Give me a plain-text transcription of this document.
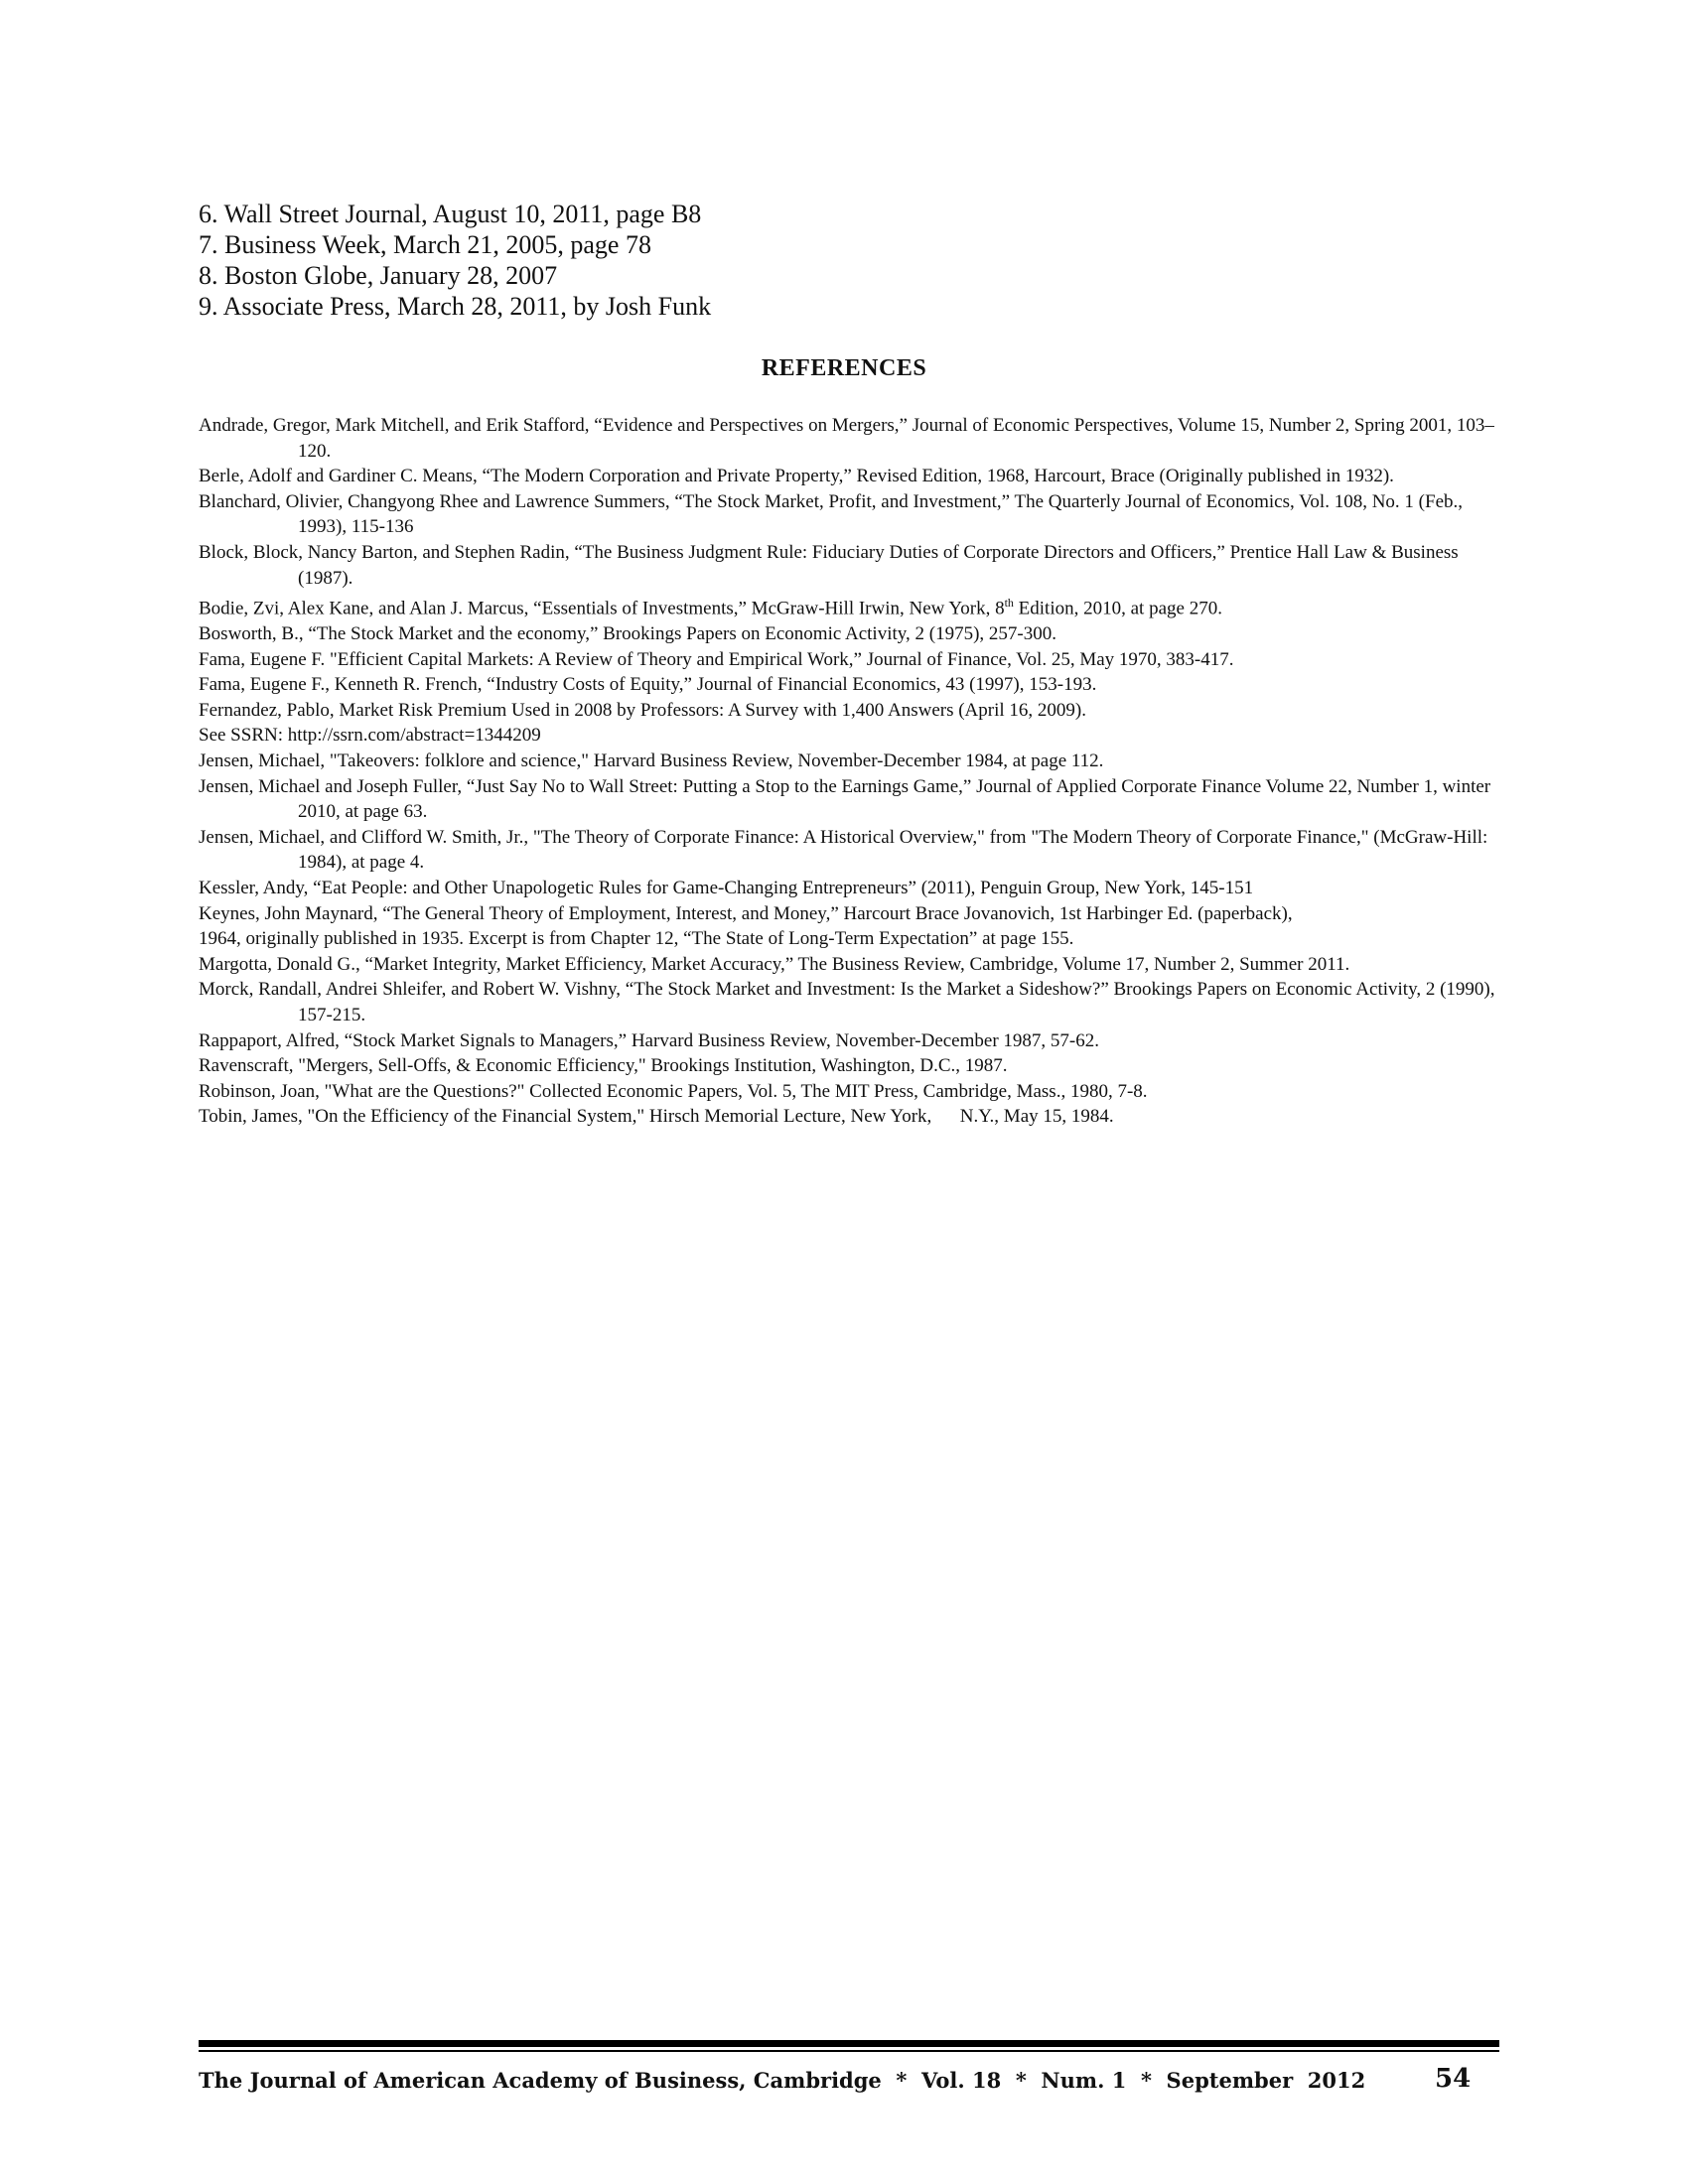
6. Wall Street Journal, August 10, 2011, page B8
7. Business Week, March 21, 2005, page 78
8. Boston Globe, January 28, 2007
9. Associate Press, March 28, 2011, by Josh Funk
REFERENCES

Andrade, Gregor, Mark Mitchell, and Erik Stafford, “Evidence and Perspectives on Mergers,” Journal of Economic Perspectives, Volume 15, Number 2, Spring 2001, 103–120.

Berle, Adolf and Gardiner C. Means, “The Modern Corporation and Private Property,” Revised Edition, 1968, Harcourt, Brace (Originally published in 1932).

Blanchard, Olivier, Changyong Rhee and Lawrence Summers, “The Stock Market, Profit, and Investment,” The Quarterly Journal of Economics, Vol. 108, No. 1 (Feb., 1993), 115-136

Block, Block, Nancy Barton, and Stephen Radin, “The Business Judgment Rule: Fiduciary Duties of Corporate Directors and Officers,” Prentice Hall Law & Business (1987).

Bodie, Zvi, Alex Kane, and Alan J. Marcus, “Essentials of Investments,” McGraw-Hill Irwin, New York, 8th Edition, 2010, at page 270.

Bosworth, B., “The Stock Market and the economy,” Brookings Papers on Economic Activity, 2 (1975), 257-300.

Fama, Eugene F. "Efficient Capital Markets: A Review of Theory and Empirical Work,” Journal of Finance, Vol. 25, May 1970, 383-417.

Fama, Eugene F., Kenneth R. French, “Industry Costs of Equity,” Journal of Financial Economics, 43 (1997), 153-193.

Fernandez, Pablo, Market Risk Premium Used in 2008 by Professors: A Survey with 1,400 Answers (April 16, 2009).

See SSRN: http://ssrn.com/abstract=1344209

Jensen, Michael, "Takeovers: folklore and science," Harvard Business Review, November-December 1984, at page 112.

Jensen, Michael and Joseph Fuller, “Just Say No to Wall Street: Putting a Stop to the Earnings Game,” Journal of Applied Corporate Finance Volume 22, Number 1, winter 2010, at page 63.

Jensen, Michael, and Clifford W. Smith, Jr., "The Theory of Corporate Finance: A Historical Overview," from "The Modern Theory of Corporate Finance," (McGraw-Hill: 1984), at page 4.

Kessler, Andy, “Eat People: and Other Unapologetic Rules for Game-Changing Entrepreneurs” (2011), Penguin Group, New York, 145-151

Keynes, John Maynard, “The General Theory of Employment, Interest, and Money,” Harcourt Brace Jovanovich, 1st Harbinger Ed. (paperback),

1964, originally published in 1935. Excerpt is from Chapter 12, “The State of Long-Term Expectation” at page 155.

Margotta, Donald G., “Market Integrity, Market Efficiency, Market Accuracy,” The Business Review, Cambridge, Volume 17, Number 2, Summer 2011.

Morck, Randall, Andrei Shleifer, and Robert W. Vishny, “The Stock Market and Investment: Is the Market a Sideshow?” Brookings Papers on Economic Activity, 2 (1990), 157-215.

Rappaport, Alfred, “Stock Market Signals to Managers,” Harvard Business Review, November-December 1987, 57-62.

Ravenscraft, "Mergers, Sell-Offs, & Economic Efficiency," Brookings Institution, Washington, D.C., 1987.

Robinson, Joan, "What are the Questions?" Collected Economic Papers, Vol. 5, The MIT Press, Cambridge, Mass., 1980, 7-8.

Tobin, James, "On the Efficiency of the Financial System," Hirsch Memorial Lecture, New York,      N.Y., May 15, 1984.

The Journal of American Academy of Business, Cambridge  *  Vol. 18  *  Num. 1  *  September  2012	54
